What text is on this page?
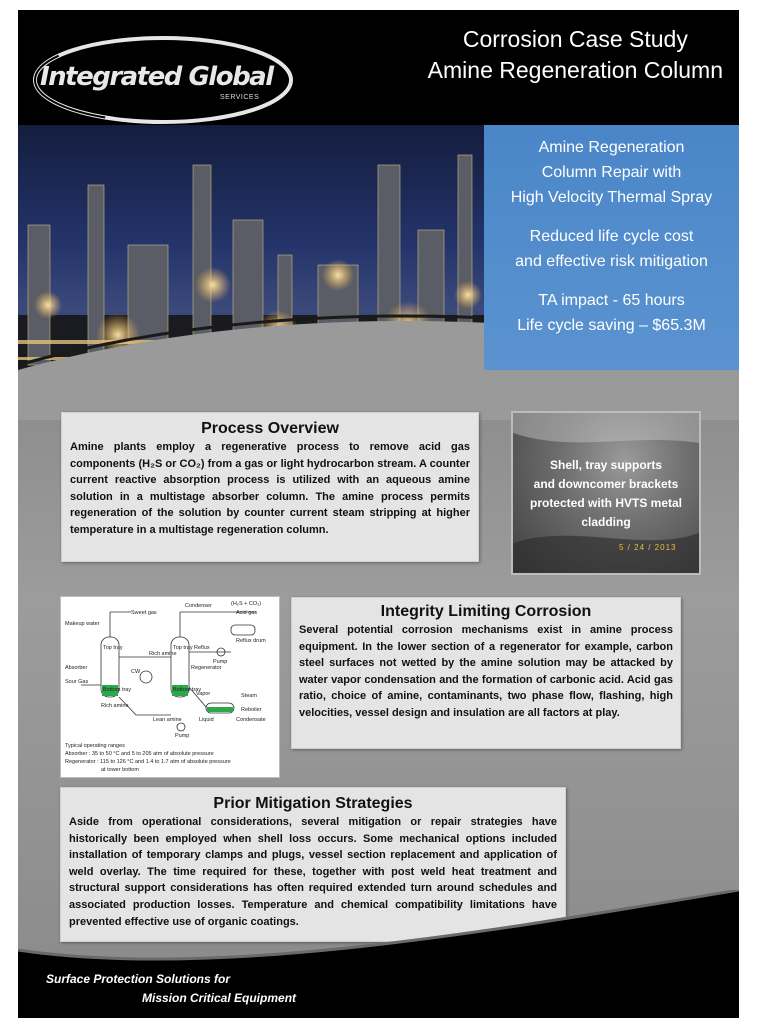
Integrated Global
SERVICES
Corrosion Case Study
Amine Regeneration Column

Amine Regeneration

Column Repair with

High Velocity Thermal Spray

Reduced life cycle cost

and effective risk mitigation

TA impact - 65 hours

Life cycle saving – $65.3M

Process Overview

Amine plants employ a regenerative process to remove acid gas components (H₂S or CO₂) from a gas or light hydrocarbon stream. A counter current reactive absorption process is utilized with an aqueous amine solution in a multistage absorber column. The amine process permits regeneration of the solution by counter current steam stripping at higher temperature in a multistage regeneration column.

Shell, tray supports
and downcomer brackets
protected with HVTS metal
cladding
5 / 24 / 2013
Sweet gas
Condenser	(H₂S + CO₂)
Acid gas
Makeup water
Reflux drum
Reflux
Pump
Top tray	Top tray
Rich amine
Regenerator
Absorber
Sour Gas
Bottom tray	Bottom tray
Vapor	Steam
Reboiler
Lean amine	Liquid	Condensate
Rich amine
CW
Pump
Typical operating ranges
Absorber : 35 to 50 °C and 5 to 205 atm of absolute pressure
Regenerator : 115 to 126 °C and 1.4 to 1.7 atm of absolute pressure
at tower bottom
Integrity Limiting Corrosion

Several potential corrosion mechanisms exist in amine process equipment. In the lower section of a regenerator for example, carbon steel surfaces not wetted by the amine solution may be attacked by water vapor condensation and the formation of carbonic acid. Acid gas ratio, choice of amine, contaminants, two phase flow, flashing, high velocities, vessel design and insulation are all factors at play.

Prior Mitigation Strategies

Aside from operational considerations, several mitigation or repair strategies have historically been employed when shell loss occurs. Some mechanical options included installation of temporary clamps and plugs, vessel section replacement and application of weld overlay. The time required for these, together with post weld heat treatment and structural support considerations has often required extended turn around schedules and associated production losses. Temperature and chemical compatibility limitations have prevented effective use of organic coatings.

Surface Protection Solutions for
Mission Critical Equipment
